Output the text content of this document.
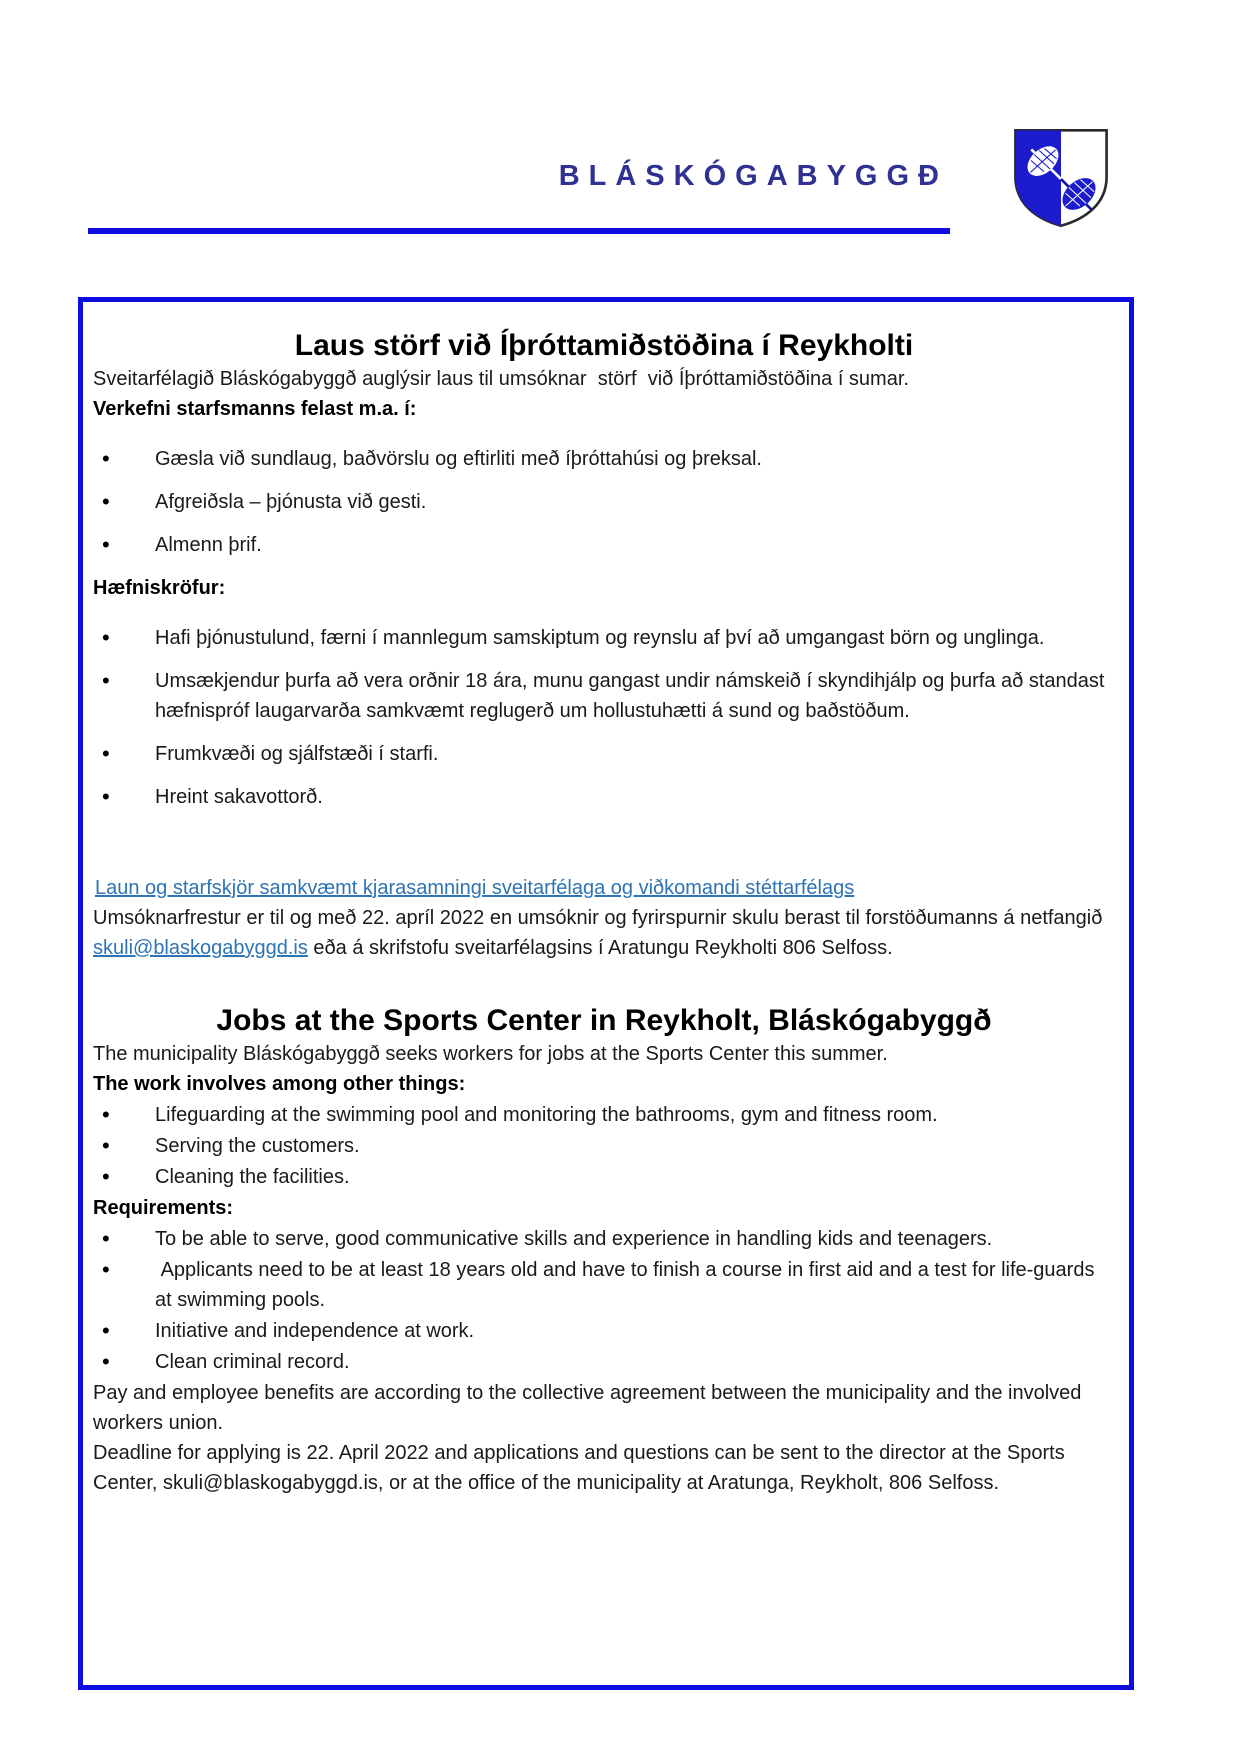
BLÁSKÓGABYGGÐ
Laus störf við Íþróttamiðstöðina í Reykholti

Sveitarfélagið Bláskógabyggð auglýsir laus til umsóknar  störf  við Íþróttamiðstöðina í sumar.

Verkefni starfsmanns felast m.a. í:

• Gæsla við sundlaug, baðvörslu og eftirliti með íþróttahúsi og þreksal.
• Afgreiðsla – þjónusta við gesti.
• Almenn þrif.

Hæfniskröfur:

• Hafi þjónustulund, færni í mannlegum samskiptum og reynslu af því að umgangast börn og unglinga.
• Umsækjendur þurfa að vera orðnir 18 ára, munu gangast undir námskeið í skyndihjálp og þurfa að standast  hæfnispróf laugarvarða samkvæmt reglugerð um hollustuhætti á sund og baðstöðum.
• Frumkvæði og sjálfstæði í starfi.
• Hreint sakavottorð.
Laun og starfskjör samkvæmt kjarasamningi sveitarfélaga og viðkomandi stéttarfélags

Umsóknarfrestur er til og með 22. apríl 2022 en umsóknir og fyrirspurnir skulu berast til forstöðumanns á netfangið skuli@blaskogabyggd.is eða á skrifstofu sveitarfélagsins í Aratungu Reykholti 806 Selfoss.

Jobs at the Sports Center in Reykholt, Bláskógabyggð

The municipality Bláskógabyggð seeks workers for jobs at the Sports Center this summer.

The work involves among other things:

• Lifeguarding at the swimming pool and monitoring the bathrooms, gym and fitness room.
• Serving the customers.
• Cleaning the facilities.

Requirements:

• To be able to serve, good communicative skills and experience in handling kids and teenagers.
•  Applicants need to be at least 18 years old and have to finish a course in first aid and a test for life-guards at swimming pools.
• Initiative and independence at work.
• Clean criminal record.

Pay and employee benefits are according to the collective agreement between the municipality and the involved workers union.

Deadline for applying is 22. April 2022 and applications and questions can be sent to the director at the Sports Center, skuli@blaskogabyggd.is, or at the office of the municipality at Aratunga, Reykholt, 806 Selfoss.
